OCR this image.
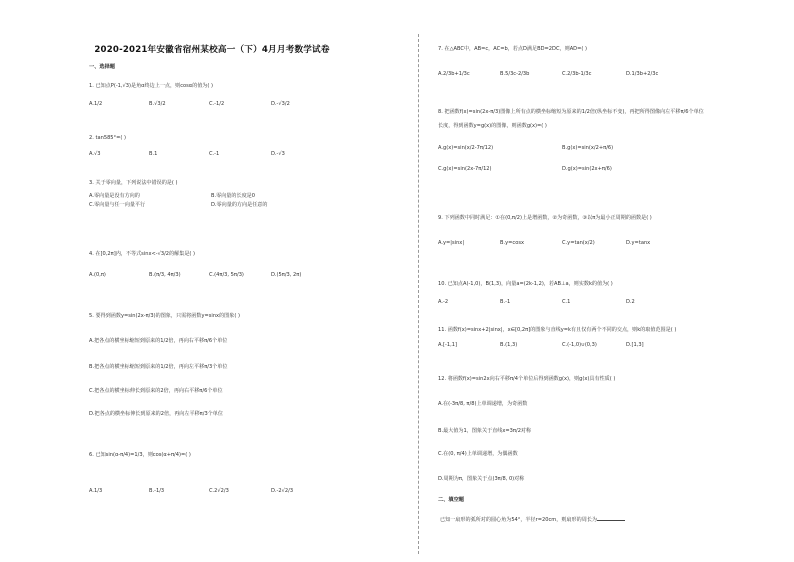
2020-2021年安徽省宿州某校高一（下）4月月考数学试卷
一、选择题
1. 已知点P(-1,√3)是角α终边上一点，则cosα的值为( )
A.1/2	B.√3/2	C.-1/2	D.-√3/2
2. tan585°=( )
A.√3	B.1	C.-1	D.-√3
3. 关于零向量，下列说法中错误的是( )
A.零向量是没有方向的	B.零向量的长度是0
C.零向量与任一向量平行	D.零向量的方向是任意的
4. 在[0,2π]内，不等式sinx<-√3/2的解集是( )
A.(0,π)	B.(π/3, 4π/3)	C.(4π/3, 5π/3)	D.(5π/3, 2π)
5. 要得到函数y=sin(2x-π/3)的图象，只需将函数y=sinx的图象( )
A.把各点的横坐标缩短到原来的1/2倍，再向右平移π/6个单位
B.把各点的横坐标缩短到原来的1/2倍，再向左平移π/3个单位
C.把各点的横坐标伸长到原来的2倍，再向右平移π/6个单位
D.把各点的横坐标伸长到原来的2倍，再向左平移π/3个单位
6. 已知sin(α-π/4)=1/3，则cos(α+π/4)=( )
A.1/3	B.-1/3	C.2√2/3	D.-2√2/3
7. 在△ABC中，AB=c，AC=b，若点D满足BD=2DC，则AD=( )
A.2/3b+1/3c	B.5/3c-2/3b	C.2/3b-1/3c	D.1/3b+2/3c
8. 把函数f(x)=sin(2x-π/3)图像上所有点的横坐标缩短为原来的1/2倍(纵坐标不变)，再把所得图像向左平移π/6个单位
长度，得到函数y=g(x)的图像，则函数g(x)=( )
A.g(x)=sin(x/2-7π/12)	B.g(x)=sin(x/2+π/6)
C.g(x)=sin(2x-7π/12)	D.g(x)=sin(2x+π/6)
9. 下列函数中同时满足：①在(0,π/2)上是增函数，②为奇函数，③以π为最小正周期的函数是( )
A.y=|sinx|	B.y=cosx	C.y=tan(x/2)	D.y=tanx
10. 已知点A(-1,0)，B(1,3)，向量a=(2k-1,2)，若AB⊥a，则实数k的值为( )
A.-2	B.-1	C.1	D.2
11. 函数f(x)=sinx+2|sinx|，x∈[0,2π]的图象与直线y=k有且仅有两个不同的交点，则k的取值范围是( )
A.[-1,1]	B.(1,3)	C.(-1,0)∪(0,3)	D.[1,3]
12. 将函数f(x)=sin2x向右平移π/4个单位后得到函数g(x)，则g(x)具有性质( )
A.在(-3π/8, π/8)上单调递增，为奇函数
B.最大值为1，图象关于直线x=3π/2对称
C.在(0, π/4)上单调递增，为偶函数
D.周期为π，图象关于点(3π/8, 0)对称
二、填空题
已知一扇形的弧所对的圆心角为54°，半径r=20cm，则扇形的周长为
